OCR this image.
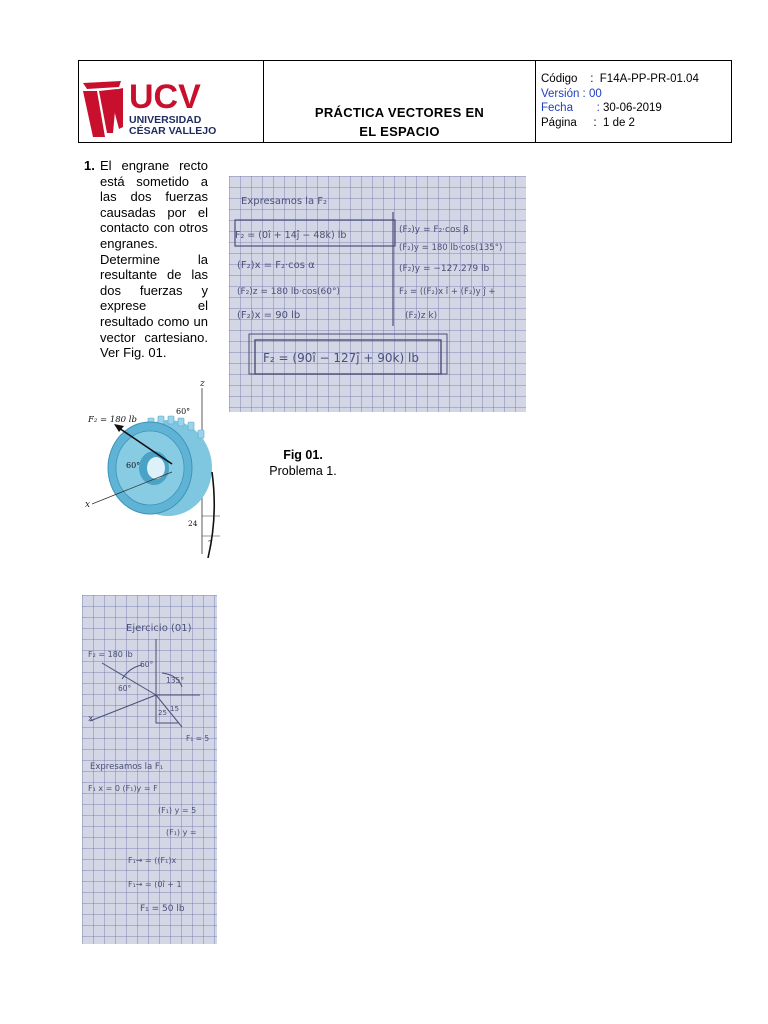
UCV
UNIVERSIDAD
CÉSAR VALLEJO
PRÁCTICA VECTORES EN
EL ESPACIO
Código :  F14A-PP-PR-01.04
Versión : 00
Fecha   : 30-06-2019
Página  :  1 de 2
1. El engrane recto está sometido a las dos fuerzas causadas por el contacto con otros engranes. Determine la resultante de las dos fuerzas y exprese el resultado como un vector cartesiano. Ver Fig. 01.
Expresamos la F₂
F₂ = (0î + 14ĵ − 48k) lb
(F₂)x = F₂·cos α
(F₂)z = 180 lb·cos(60°)
(F₂)x = 90 lb
(F₂)y = F₂·cos β
(F₂)y = 180 lb·cos(135°)
(F₂)y = −127.279 lb
F₂ = ((F₂)x î + (F₂)y ĵ +
(F₂)z k)
F₂ = (90î − 127ĵ + 90k) lb
z
F₂ = 180 lb
60°
60°
x
24
7
Fig 01.
Problema 1.
Ejercicio (01)
F₂ = 180 lb
60°
60°
135°
x
25 15
F₁ = 5
Expresamos la F₁
F₁ x = 0 (F₁)y = F
(F₁) y = 5
(F₁) y =
F₁→ = ((F₁)x
F₁→ = (0î + 1
F₁ = 50 lb
